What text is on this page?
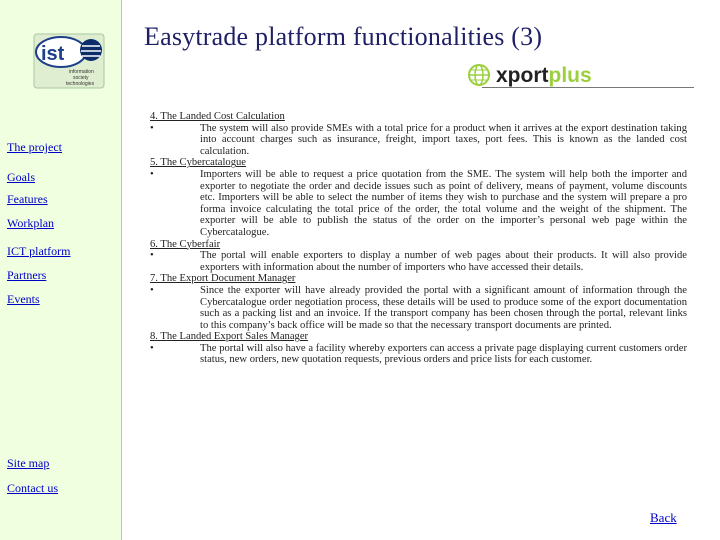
ist
information
society
technologies
The project
Goals
Features
Workplan
ICT platform
Partners
Events
Site map
Contact us
Easytrade platform functionalities (3)
xportplus
4. The Landed Cost Calculation
•	The system will also provide SMEs with a total price for a product when it arrives at the export destination taking into account charges such as insurance, freight, import taxes, port fees. This is known as the landed cost calculation.
5. The Cybercatalogue
•	Importers will be able to request a price quotation from the SME. The system will help both the importer and exporter to negotiate the order and decide issues such as point of delivery, means of payment, volume discounts etc. Importers will be able to select the number of items they wish to purchase and the system will prepare a pro forma invoice calculating the total price of the order, the total volume and the weight of the shipment. The exporter will be able to publish the status of the order on the importer’s personal web page within the Cybercatalogue.
6. The Cyberfair
•	The portal will enable exporters to display a number of web pages about their products. It will also provide exporters with information about the number of importers who have accessed their details.
7. The Export Document Manager
•	Since the exporter will have already provided the portal with a significant amount of information through the Cybercatalogue order negotiation process, these details will be used to produce some of the export documentation such as a packing list and an invoice. If the transport company has been chosen through the portal, relevant links to this company’s back office will be made so that the necessary transport documents are printed.
8. The Landed Export Sales Manager
•	The portal will also have a facility whereby exporters can access a private page displaying current customers order status, new orders, new quotation requests, previous orders and price lists for each customer.
Back
